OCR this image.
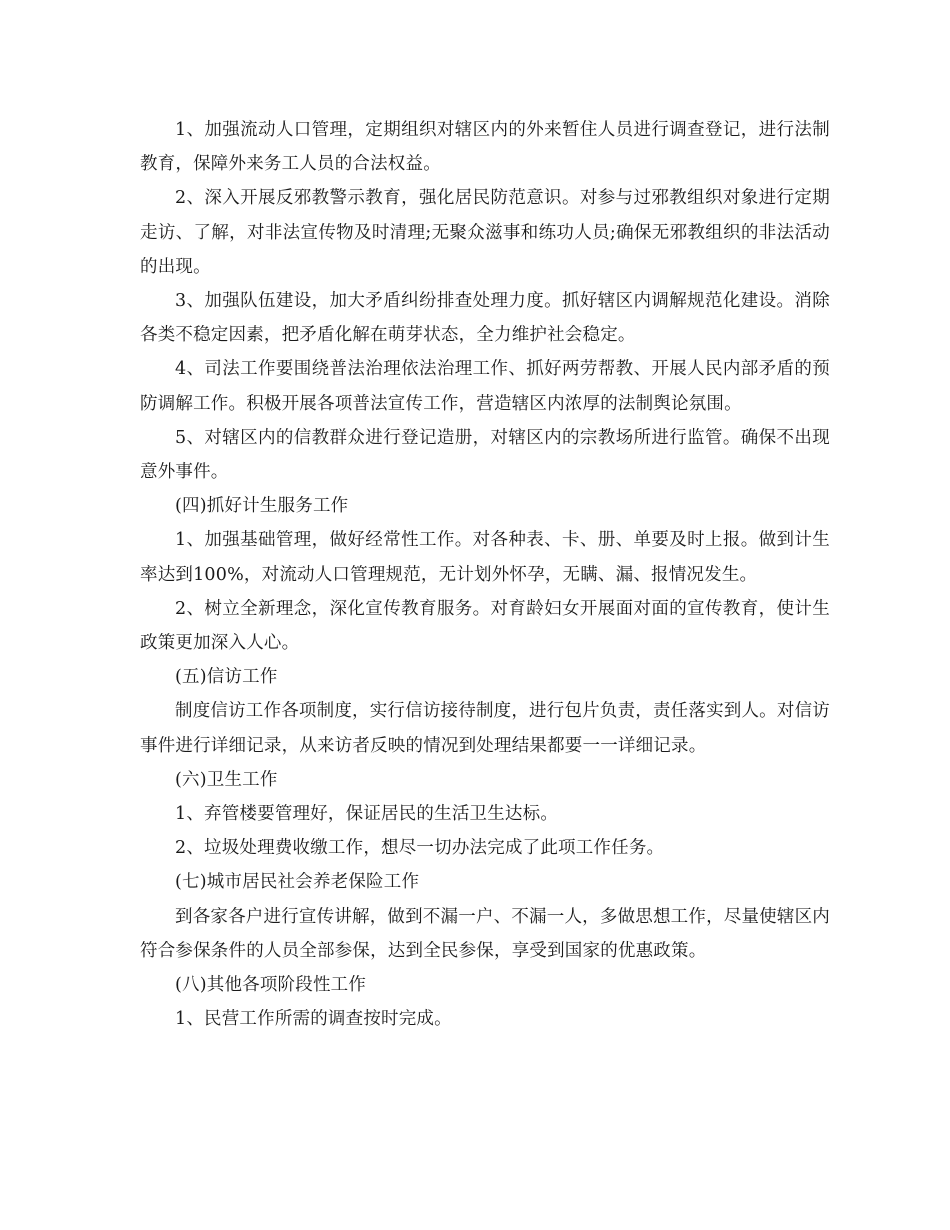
1、加强流动人口管理，定期组织对辖区内的外来暂住人员进行调查登记，进行法制教育，保障外来务工人员的合法权益。

2、深入开展反邪教警示教育，强化居民防范意识。对参与过邪教组织对象进行定期走访、了解，对非法宣传物及时清理;无聚众滋事和练功人员;确保无邪教组织的非法活动的出现。

3、加强队伍建设，加大矛盾纠纷排查处理力度。抓好辖区内调解规范化建设。消除各类不稳定因素，把矛盾化解在萌芽状态，全力维护社会稳定。

4、司法工作要围绕普法治理依法治理工作、抓好两劳帮教、开展人民内部矛盾的预防调解工作。积极开展各项普法宣传工作，营造辖区内浓厚的法制舆论氛围。

5、对辖区内的信教群众进行登记造册，对辖区内的宗教场所进行监管。确保不出现意外事件。

(四)抓好计生服务工作

1、加强基础管理，做好经常性工作。对各种表、卡、册、单要及时上报。做到计生率达到100%，对流动人口管理规范，无计划外怀孕，无瞒、漏、报情况发生。

2、树立全新理念，深化宣传教育服务。对育龄妇女开展面对面的宣传教育，使计生政策更加深入人心。

(五)信访工作

制度信访工作各项制度，实行信访接待制度，进行包片负责，责任落实到人。对信访事件进行详细记录，从来访者反映的情况到处理结果都要一一详细记录。

(六)卫生工作

1、弃管楼要管理好，保证居民的生活卫生达标。

2、垃圾处理费收缴工作，想尽一切办法完成了此项工作任务。

(七)城市居民社会养老保险工作

到各家各户进行宣传讲解，做到不漏一户、不漏一人，多做思想工作，尽量使辖区内符合参保条件的人员全部参保，达到全民参保，享受到国家的优惠政策。

(八)其他各项阶段性工作

1、民营工作所需的调查按时完成。
